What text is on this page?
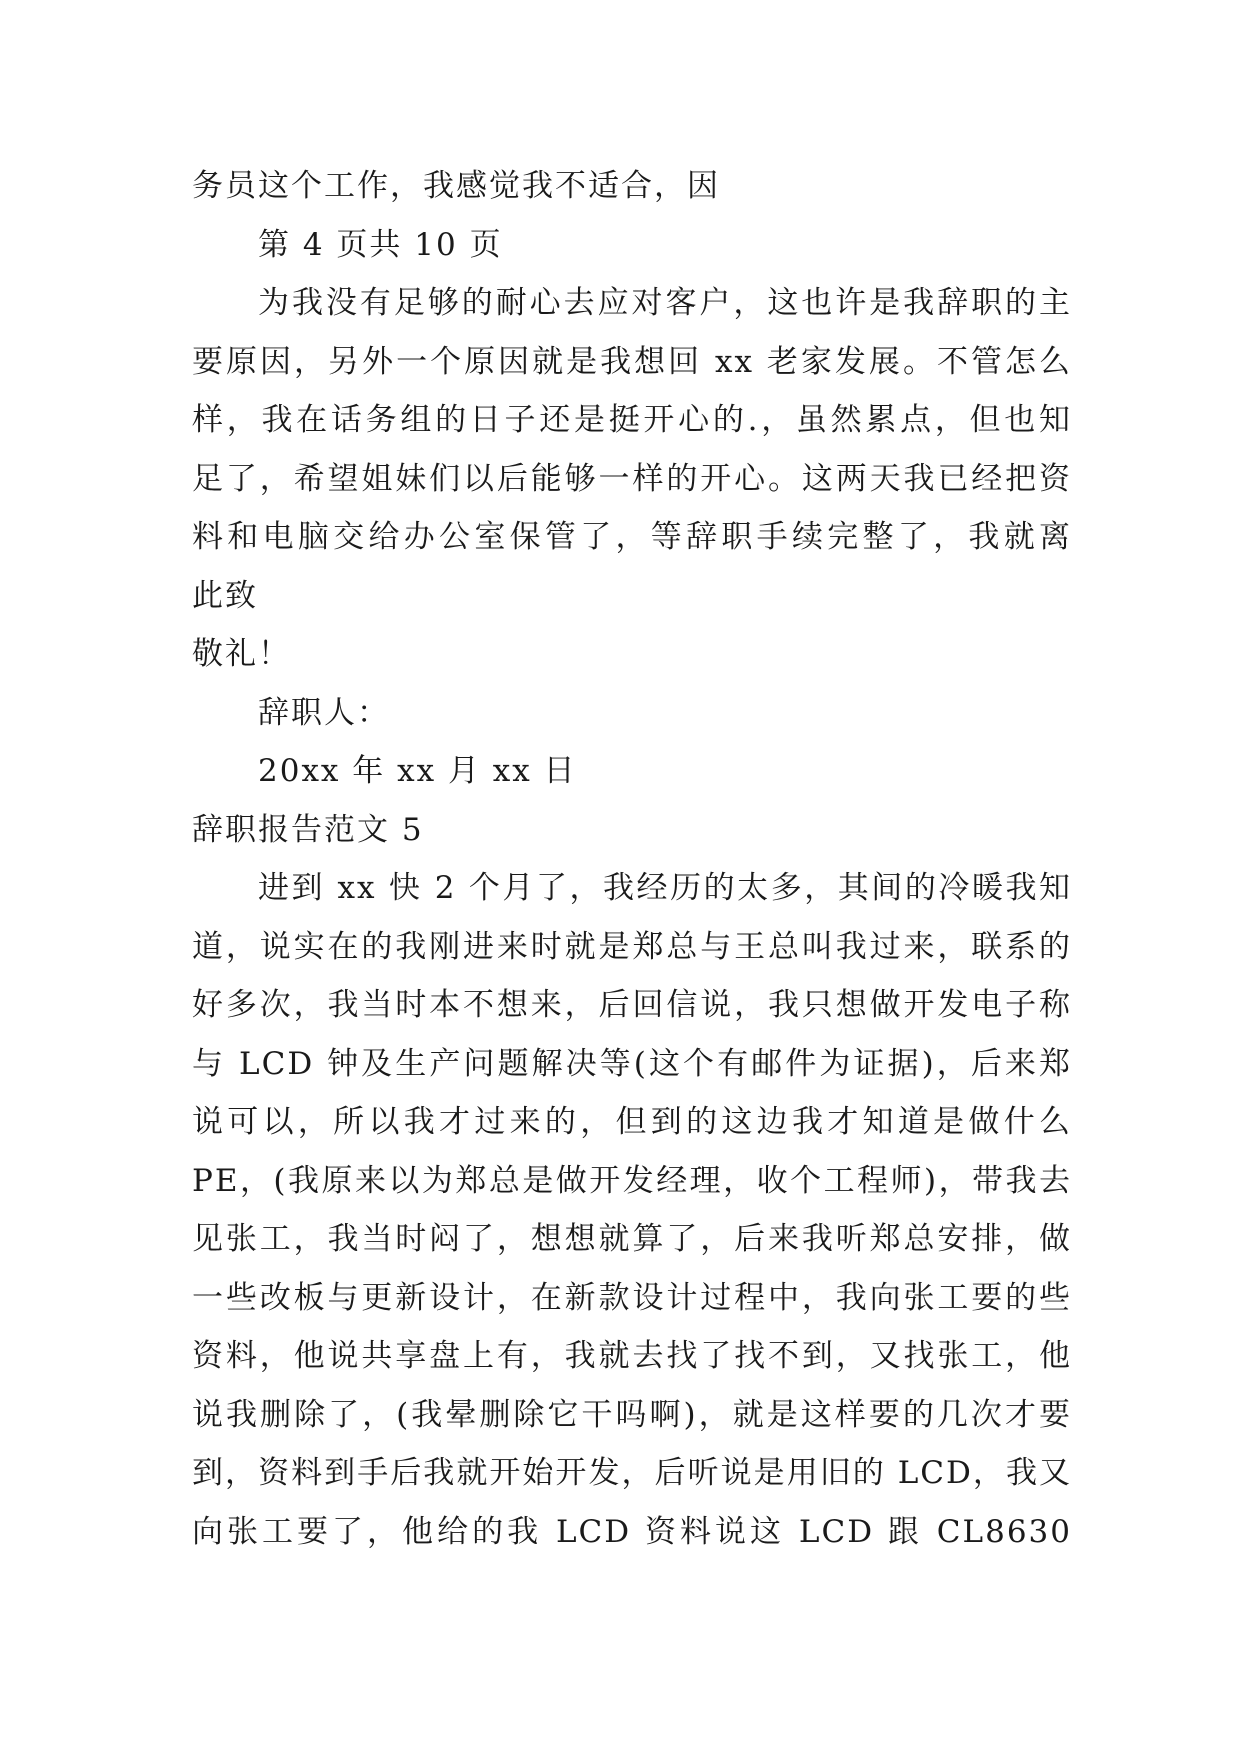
务员这个工作，我感觉我不适合，因
第 4 页共 10 页
为我没有足够的耐心去应对客户，这也许是我辞职的主
要原因，另外一个原因就是我想回 xx 老家发展。不管怎么
样，我在话务组的日子还是挺开心的.，虽然累点，但也知
足了，希望姐妹们以后能够一样的开心。这两天我已经把资
料和电脑交给办公室保管了，等辞职手续完整了，我就离
此致
敬礼！
辞职人：
20xx 年 xx 月 xx 日
辞职报告范文 5
进到 xx 快 2 个月了，我经历的太多，其间的冷暖我知
道，说实在的我刚进来时就是郑总与王总叫我过来，联系的
好多次，我当时本不想来，后回信说，我只想做开发电子称
与 LCD 钟及生产问题解决等(这个有邮件为证据)，后来郑
说可以，所以我才过来的，但到的这边我才知道是做什么
PE，(我原来以为郑总是做开发经理，收个工程师)，带我去
见张工，我当时闷了，想想就算了，后来我听郑总安排，做
一些改板与更新设计，在新款设计过程中，我向张工要的些
资料，他说共享盘上有，我就去找了找不到，又找张工，他
说我删除了，(我晕删除它干吗啊)，就是这样要的几次才要
到，资料到手后我就开始开发，后听说是用旧的 LCD，我又
向张工要了，他给的我 LCD 资料说这 LCD 跟 CL8630
